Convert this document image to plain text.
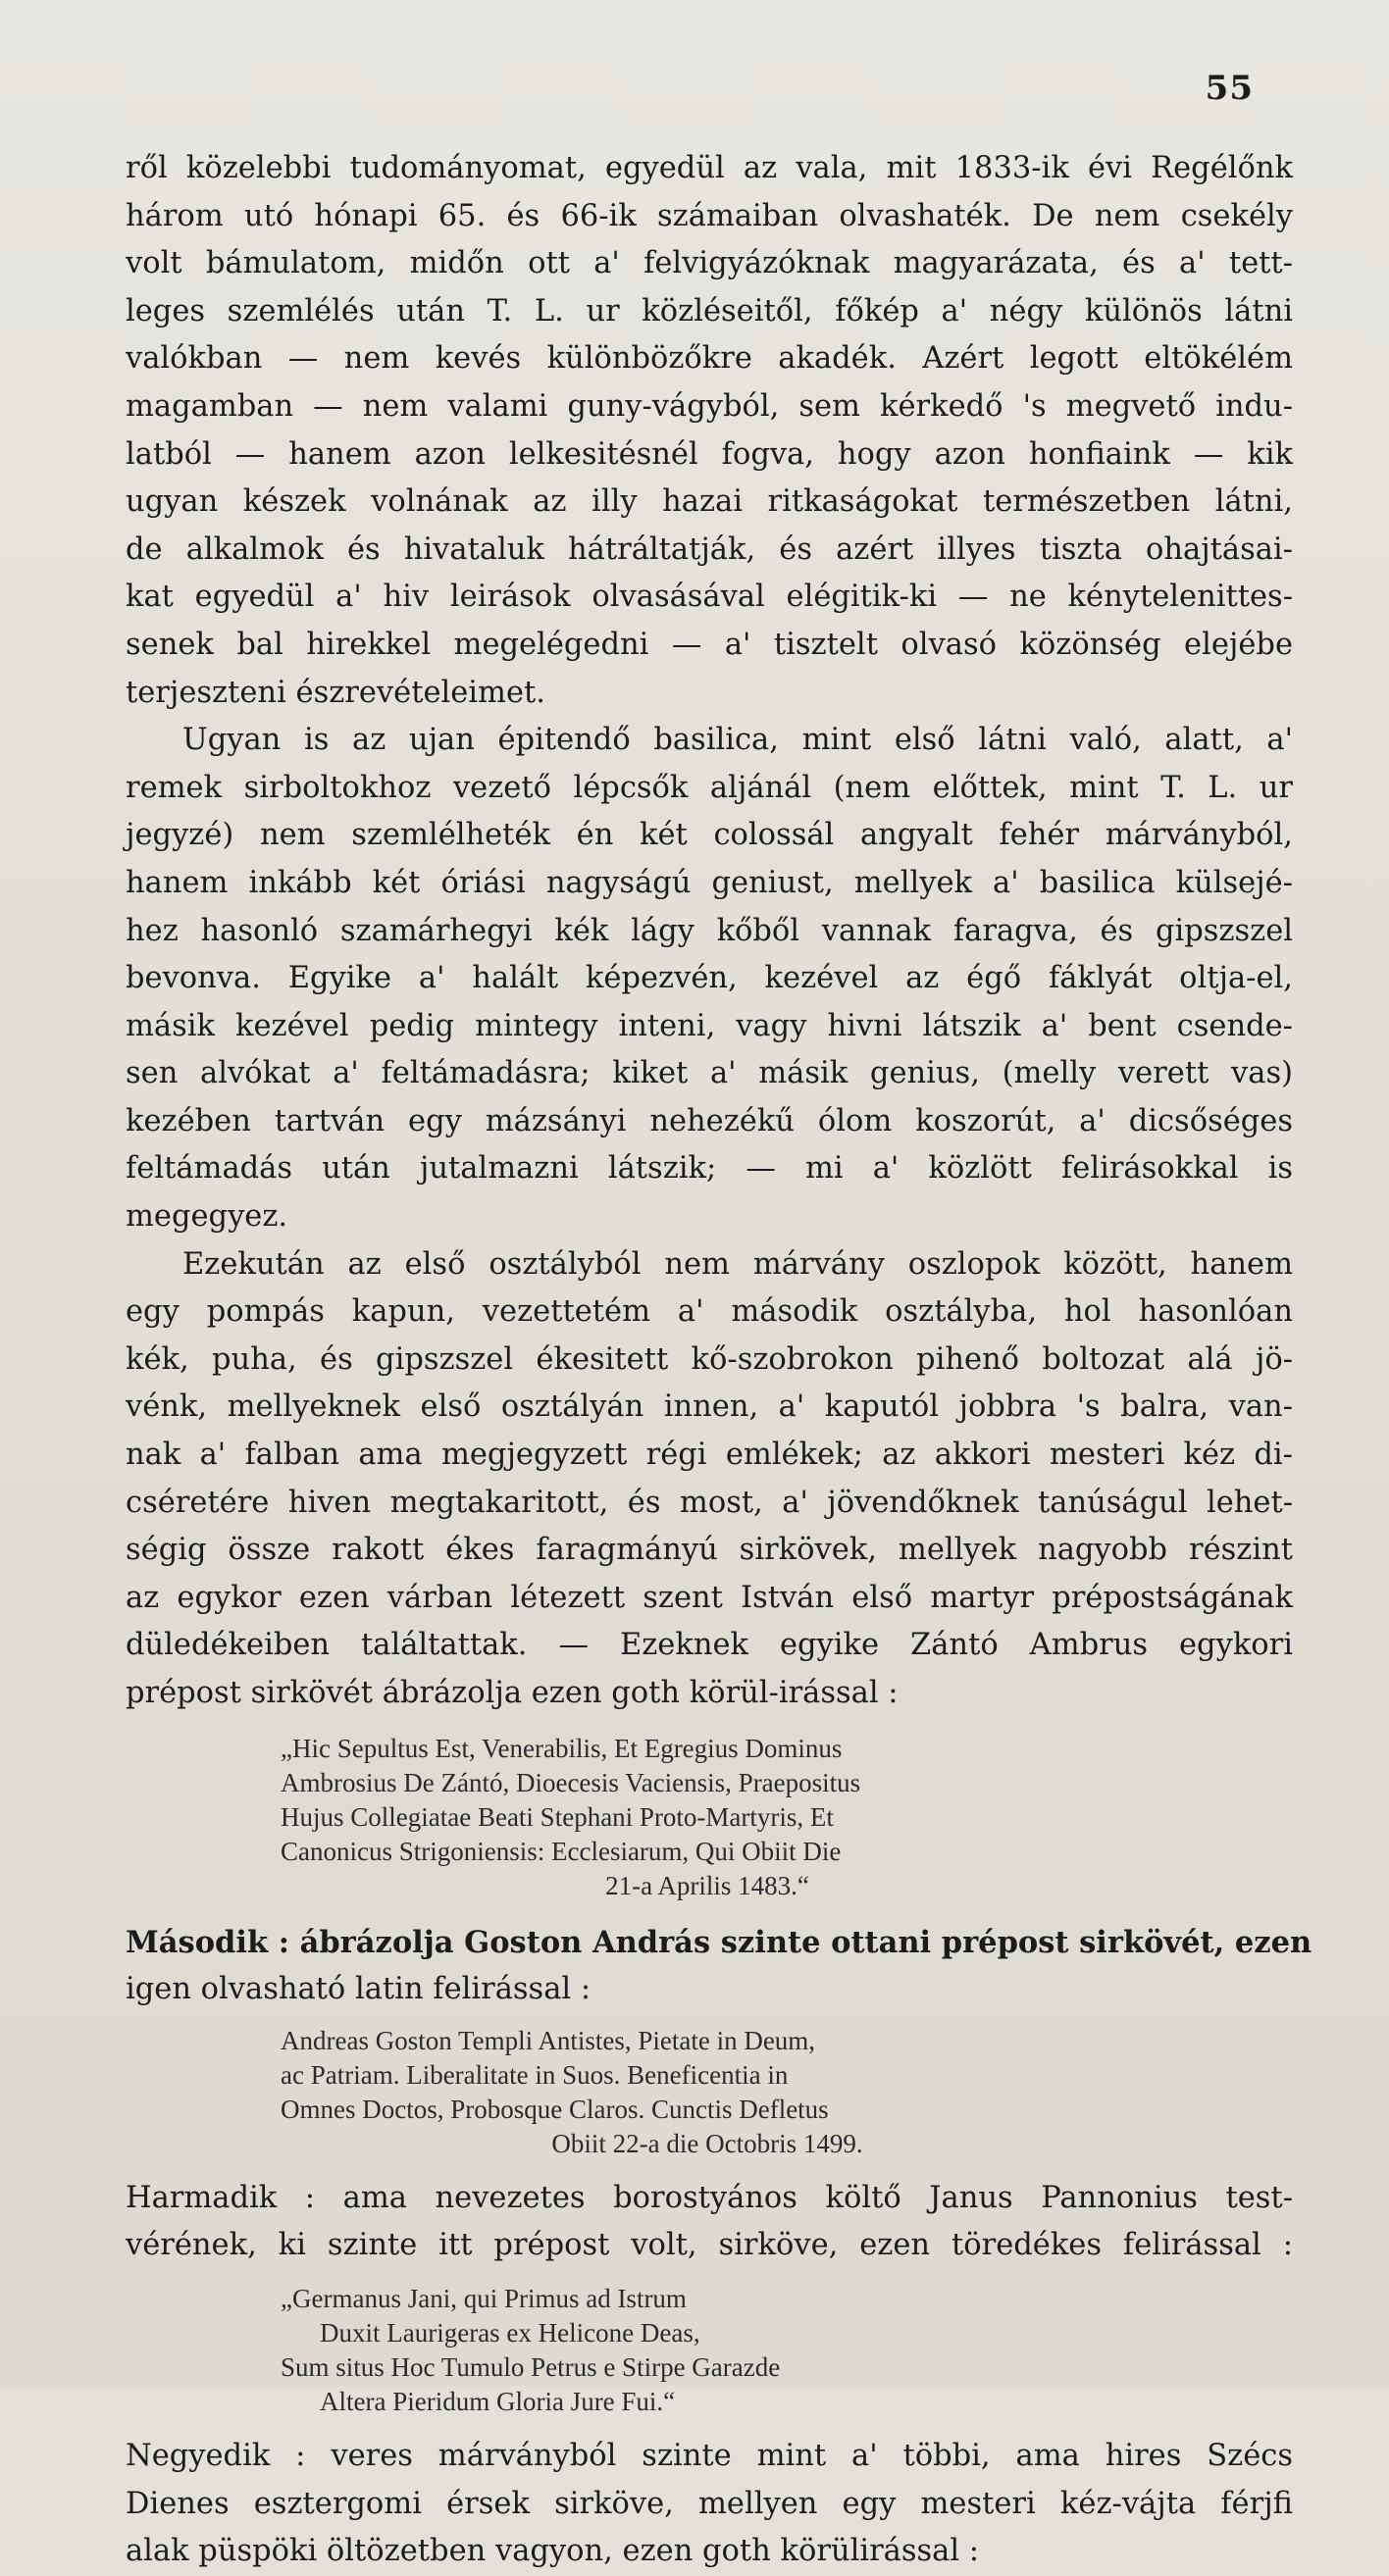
55
ről közelebbi tudományomat, egyedül az vala, mit 1833-ik évi Regélőnk
három utó hónapi 65. és 66-ik számaiban olvashaték. De nem csekély
volt bámulatom, midőn ott a' felvigyázóknak magyarázata, és a' tett-
leges szemlélés után T. L. ur közléseitől, főkép a' négy különös látni
valókban — nem kevés különbözőkre akadék. Azért legott eltökélém
magamban — nem valami guny-vágyból, sem kérkedő 's megvető indu-
latból — hanem azon lelkesitésnél fogva, hogy azon honfiaink — kik
ugyan készek volnának az illy hazai ritkaságokat természetben látni,
de alkalmok és hivataluk hátráltatják, és azért illyes tiszta ohajtásai-
kat egyedül a' hiv leirások olvasásával elégitik-ki — ne kénytelenittes-
senek bal hirekkel megelégedni — a' tisztelt olvasó közönség elejébe
terjeszteni észrevételeimet.
Ugyan is az ujan épitendő basilica, mint első látni való, alatt, a'
remek sirboltokhoz vezető lépcsők aljánál (nem előttek, mint T. L. ur
jegyzé) nem szemlélheték én két colossál angyalt fehér márványból,
hanem inkább két óriási nagyságú geniust, mellyek a' basilica külsejé-
hez hasonló szamárhegyi kék lágy kőből vannak faragva, és gipszszel
bevonva. Egyike a' halált képezvén, kezével az égő fáklyát oltja-el,
másik kezével pedig mintegy inteni, vagy hivni látszik a' bent csende-
sen alvókat a' feltámadásra; kiket a' másik genius, (melly verett vas)
kezében tartván egy mázsányi nehezékű ólom koszorút, a' dicsőséges
feltámadás után jutalmazni látszik; — mi a' közlött felirásokkal is
megegyez.
Ezekután az első osztályból nem márvány oszlopok között, hanem
egy pompás kapun, vezettetém a' második osztályba, hol hasonlóan
kék, puha, és gipszszel ékesitett kő-szobrokon pihenő boltozat alá jö-
vénk, mellyeknek első osztályán innen, a' kaputól jobbra 's balra, van-
nak a' falban ama megjegyzett régi emlékek; az akkori mesteri kéz di-
cséretére hiven megtakaritott, és most, a' jövendőknek tanúságul lehet-
ségig össze rakott ékes faragmányú sirkövek, mellyek nagyobb részint
az egykor ezen várban létezett szent István első martyr prépostságának
düledékeiben találtattak. — Ezeknek egyike Zántó Ambrus egykori
prépost sirkövét ábrázolja ezen goth körül-irással :
„Hic Sepultus Est, Venerabilis, Et Egregius Dominus
Ambrosius De Zántó, Dioecesis Vaciensis, Praepositus
Hujus Collegiatae Beati Stephani Proto-Martyris, Et
Canonicus Strigoniensis: Ecclesiarum, Qui Obiit Die
21-a Aprilis 1483.“
Második : ábrázolja Goston András szinte ottani prépost sirkövét, ezen
igen olvasható latin felirással :
Andreas Goston Templi Antistes, Pietate in Deum,
ac Patriam. Liberalitate in Suos. Beneficentia in
Omnes Doctos, Probosque Claros. Cunctis Defletus
Obiit 22-a die Octobris 1499.
Harmadik : ama nevezetes borostyános költő Janus Pannonius test-
vérének, ki szinte itt prépost volt, sirköve, ezen töredékes felirással :
„Germanus Jani, qui Primus ad Istrum
Duxit Laurigeras ex Helicone Deas,
Sum situs Hoc Tumulo Petrus e Stirpe Garazde
Altera Pieridum Gloria Jure Fui.“
Negyedik : veres márványból szinte mint a' többi, ama hires Szécs
Dienes esztergomi érsek sirköve, mellyen egy mesteri kéz-vájta férjfi
alak püspöki öltözetben vagyon, ezen goth körülirással :
